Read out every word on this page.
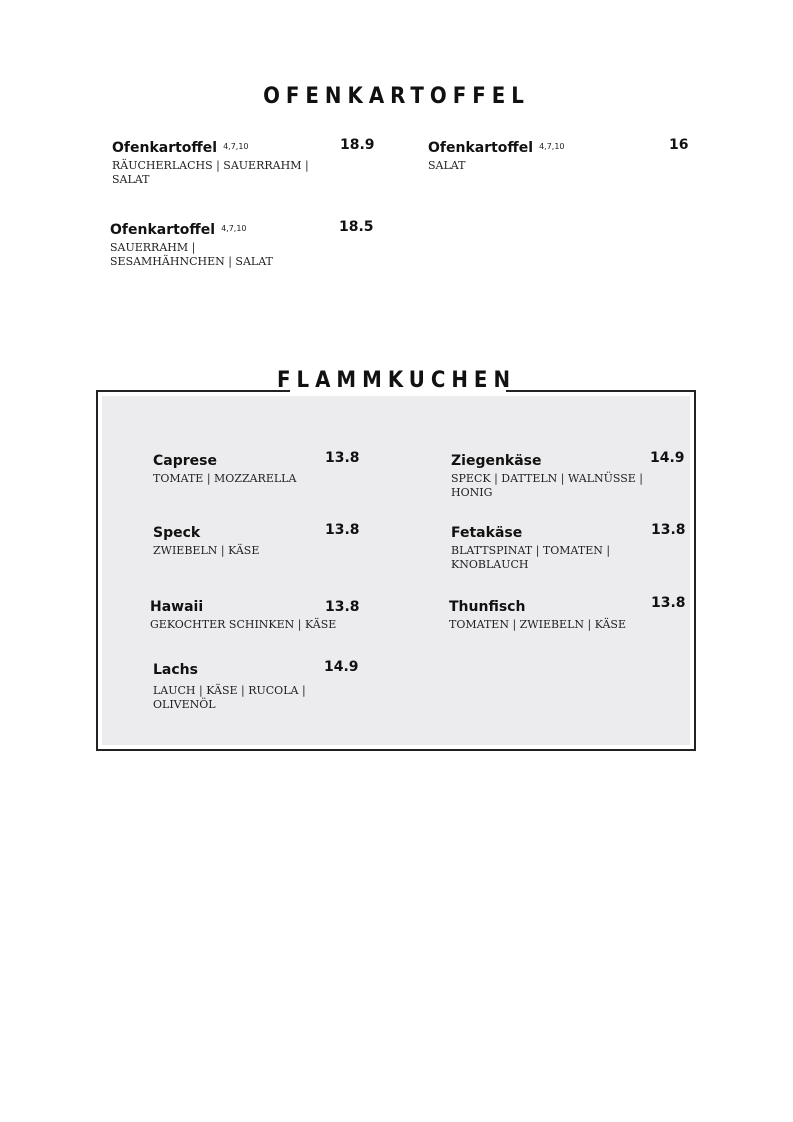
OFENKARTOFFEL
Ofenkartoffel 4,7,10
RÄUCHERLACHS | SAUERRAHM | SALAT
18.9	Ofenkartoffel 4,7,10
SALAT
16
Ofenkartoffel 4,7,10
SAUERRAHM | SESAMHÄHNCHEN | SALAT
18.5
FLAMMKUCHEN
Caprese
TOMATE | MOZZARELLA
13.8	Ziegenkäse
SPECK | DATTELN | WALNÜSSE | HONIG
14.9
Speck
ZWIEBELN | KÄSE
13.8	Fetakäse
BLATTSPINAT | TOMATEN | KNOBLAUCH
13.8
Hawaii
GEKOCHTER SCHINKEN | KÄSE
13.8	Thunfisch
TOMATEN | ZWIEBELN | KÄSE
13.8
Lachs
LAUCH | KÄSE | RUCOLA | OLIVENÖL
14.9
